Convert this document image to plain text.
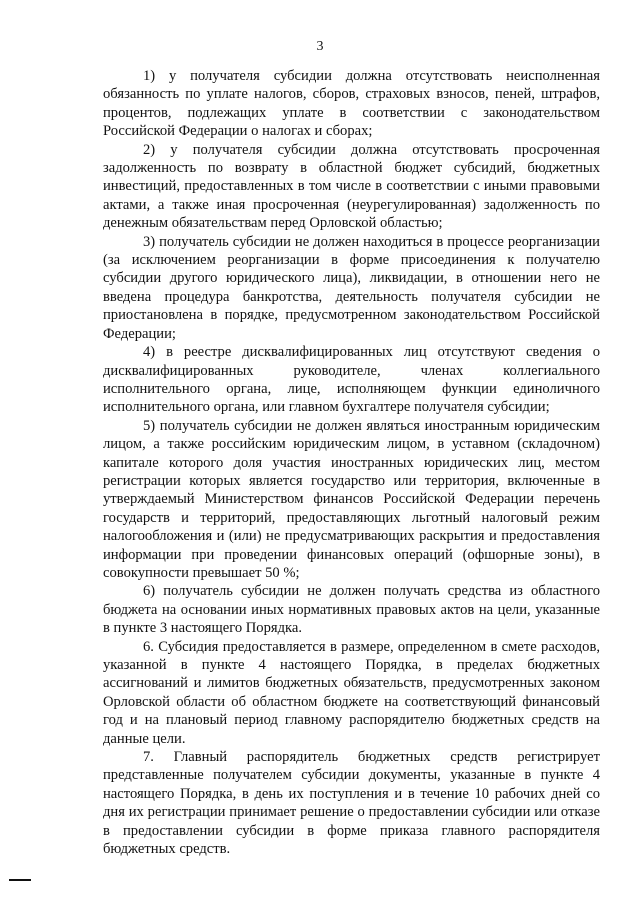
3

1) у получателя субсидии должна отсутствовать неисполненная обязанность по уплате налогов, сборов, страховых взносов, пеней, штрафов, процентов, подлежащих уплате в соответствии с законодательством Российской Федерации о налогах и сборах;

2) у получателя субсидии должна отсутствовать просроченная задолженность по возврату в областной бюджет субсидий, бюджетных инвестиций, предоставленных в том числе в соответствии с иными правовыми актами, а также иная просроченная (неурегулированная) задолженность по денежным обязательствам перед Орловской областью;

3) получатель субсидии не должен находиться в процессе реорганизации (за исключением реорганизации в форме присоединения к получателю субсидии другого юридического лица), ликвидации, в отношении него не введена процедура банкротства, деятельность получателя субсидии не приостановлена в порядке, предусмотренном законодательством Российской Федерации;

4) в реестре дисквалифицированных лиц отсутствуют сведения о дисквалифицированных руководителе, членах коллегиального исполнительного органа, лице, исполняющем функции единоличного исполнительного органа, или главном бухгалтере получателя субсидии;

5) получатель субсидии не должен являться иностранным юридическим лицом, а также российским юридическим лицом, в уставном (складочном) капитале которого доля участия иностранных юридических лиц, местом регистрации которых является государство или территория, включенные в утверждаемый Министерством финансов Российской Федерации перечень государств и территорий, предоставляющих льготный налоговый режим налогообложения и (или) не предусматривающих раскрытия и предоставления информации при проведении финансовых операций (офшорные зоны), в совокупности превышает 50 %;

6) получатель субсидии не должен получать средства из областного бюджета на основании иных нормативных правовых актов на цели, указанные в пункте 3 настоящего Порядка.

6. Субсидия предоставляется в размере, определенном в смете расходов, указанной в пункте 4 настоящего Порядка, в пределах бюджетных ассигнований и лимитов бюджетных обязательств, предусмотренных законом Орловской области об областном бюджете на соответствующий финансовый год и на плановый период главному распорядителю бюджетных средств на данные цели.

7. Главный распорядитель бюджетных средств регистрирует представленные получателем субсидии документы, указанные в пункте 4 настоящего Порядка, в день их поступления и в течение 10 рабочих дней со дня их регистрации принимает решение о предоставлении субсидии или отказе в предоставлении субсидии в форме приказа главного распорядителя бюджетных средств.
